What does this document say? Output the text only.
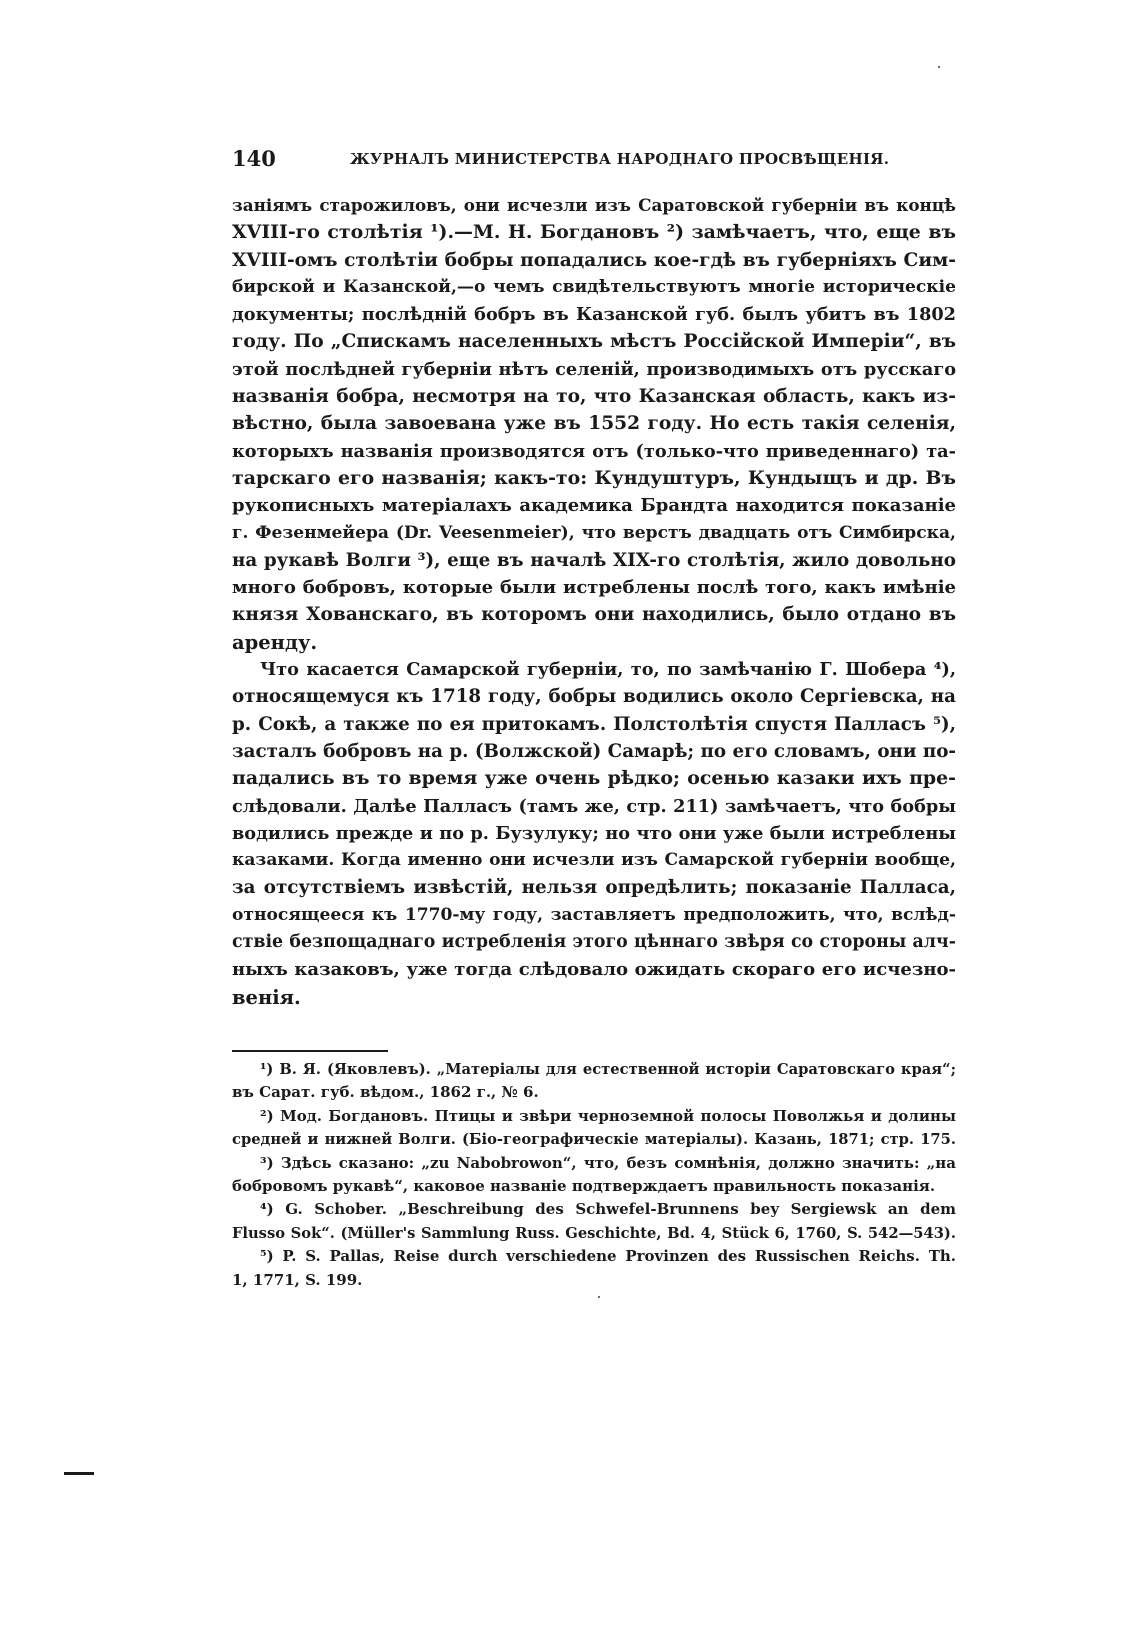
140	ЖУРНАЛЪ МИНИСТЕРСТВА НАРОДНАГО ПРОСВѢЩЕНІЯ.
заніямъ старожиловъ, они исчезли изъ Саратовской губерніи въ концѣ
XVIII-го столѣтія ¹).—М. Н. Богдановъ ²) замѣчаетъ, что, еще въ
XVIII-омъ столѣтіи бобры попадались кое-гдѣ въ губерніяхъ Сим-
бирской и Казанской,—о чемъ свидѣтельствуютъ многіе историческіе
документы; послѣдній бобръ въ Казанской губ. былъ убитъ въ 1802
году. По „Спискамъ населенныхъ мѣстъ Россійской Имперіи“, въ
этой послѣдней губерніи нѣтъ селеній, производимыхъ отъ русскаго
названія бобра, несмотря на то, что Казанская область, какъ из-
вѣстно, была завоевана уже въ 1552 году. Но есть такія селенія,
которыхъ названія производятся отъ (только-что приведеннаго) та-
тарскаго его названія; какъ-то: Кундуштуръ, Кундыщъ и др. Въ
рукописныхъ матеріалахъ академика Брандта находится показаніе
г. Фезенмейера (Dr. Veesenmeier), что верстъ двадцать отъ Симбирска,
на рукавѣ Волги ³), еще въ началѣ XIX-го столѣтія, жило довольно
много бобровъ, которые были истреблены послѣ того, какъ имѣніе
князя Хованскаго, въ которомъ они находились, было отдано въ
аренду.
Что касается Самарской губерніи, то, по замѣчанію Г. Шобера ⁴),
относящемуся къ 1718 году, бобры водились около Сергіевска, на
р. Сокѣ, а также по ея притокамъ. Полстолѣтія спустя Палласъ ⁵),
засталъ бобровъ на р. (Волжской) Самарѣ; по его словамъ, они по-
падались въ то время уже очень рѣдко; осенью казаки ихъ пре-
слѣдовали. Далѣе Палласъ (тамъ же, стр. 211) замѣчаетъ, что бобры
водились прежде и по р. Бузулуку; но что они уже были истреблены
казаками. Когда именно они исчезли изъ Самарской губерніи вообще,
за отсутствіемъ извѣстій, нельзя опредѣлить; показаніе Палласа,
относящееся къ 1770-му году, заставляетъ предположить, что, вслѣд-
ствіе безпощаднаго истребленія этого цѣннаго звѣря со стороны алч-
ныхъ казаковъ, уже тогда слѣдовало ожидать скораго его исчезно-
венія.
¹) В. Я. (Яковлевъ). „Матеріалы для естественной исторіи Саратовскаго края“;
въ Сарат. губ. вѣдом., 1862 г., № 6.
²) Мод. Богдановъ. Птицы и звѣри черноземной полосы Поволжья и долины
средней и нижней Волги. (Біо-географическіе матеріалы). Казань, 1871; стр. 175.
³) Здѣсь сказано: „zu Nabobrowon“, что, безъ сомнѣнія, должно значить: „на
бобровомъ рукавѣ“, каковое названіе подтверждаетъ правильность показанія.
⁴) G. Schober. „Beschreibung des Schwefel-Brunnens bey Sergiewsk an dem
Flusso Sok“. (Müller's Sammlung Russ. Geschichte, Bd. 4, Stück 6, 1760, S. 542—543).
⁵) P. S. Pallas, Reise durch verschiedene Provinzen des Russischen Reichs. Th.
1, 1771, S. 199.
